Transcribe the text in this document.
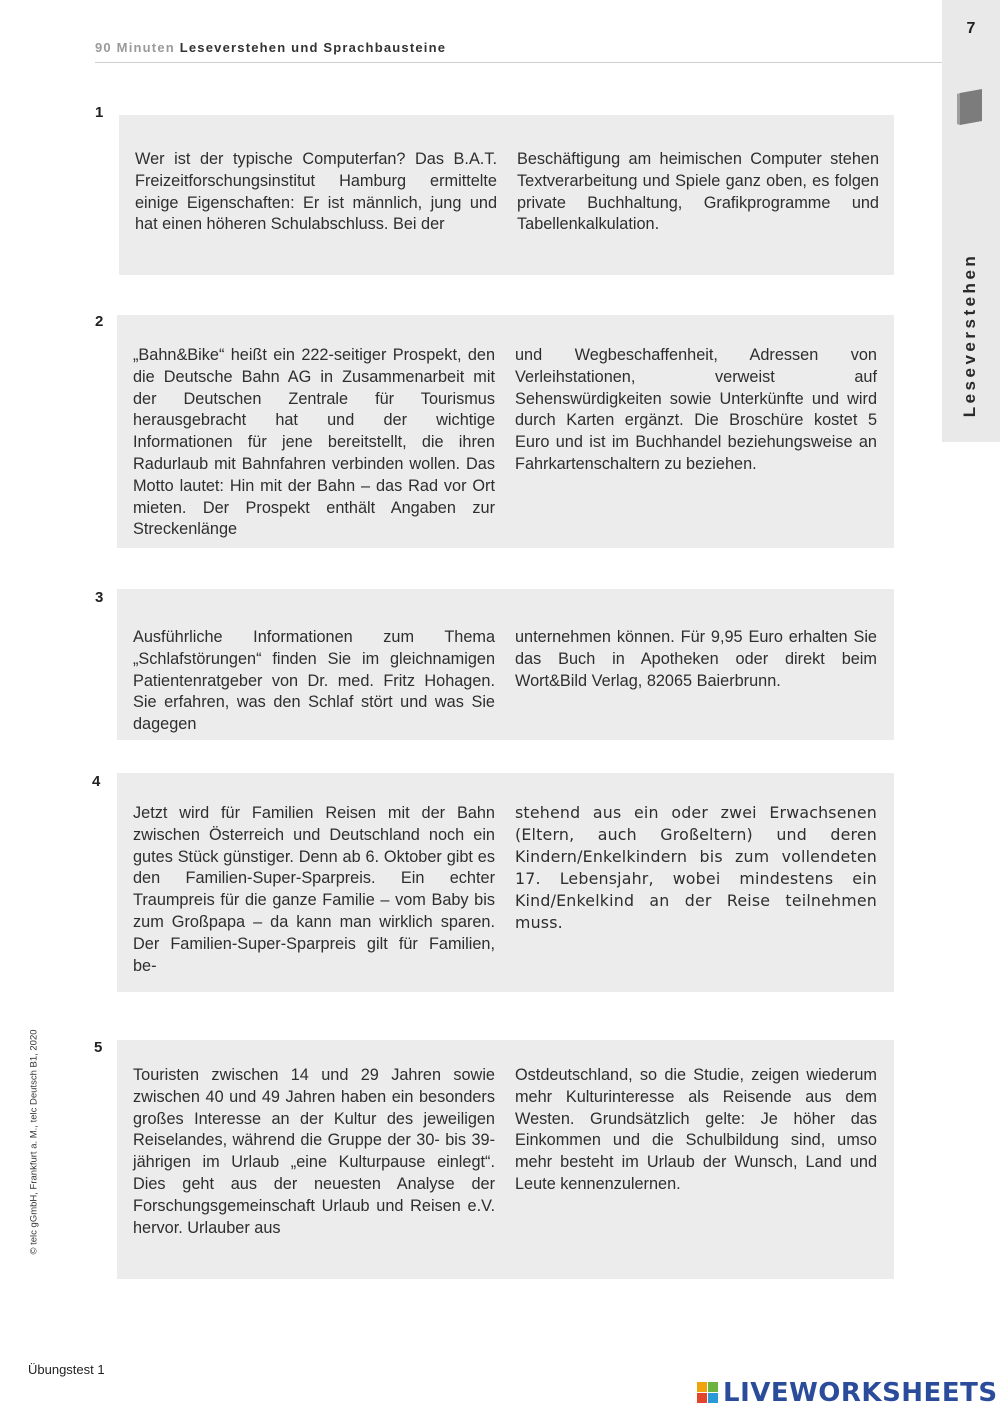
90 Minuten Leseverstehen und Sprachbausteine
7
Leseverstehen
© telc gGmbH, Frankfurt a. M., telc Deutsch B1, 2020
1
Wer ist der typische Computerfan? Das B.A.T. Freizeitforschungsinstitut Hamburg ermittelte einige Eigenschaften: Er ist männlich, jung und hat einen höheren Schulabschluss. Bei der
Beschäftigung am heimischen Computer stehen Textverarbeitung und Spiele ganz oben, es folgen private Buchhaltung, Grafikprogramme und Tabellenkalkulation.
2
„Bahn&Bike“ heißt ein 222-seitiger Prospekt, den die Deutsche Bahn AG in Zusammenarbeit mit der Deutschen Zentrale für Tourismus herausgebracht hat und der wichtige Informationen für jene bereitstellt, die ihren Radurlaub mit Bahnfahren verbinden wollen. Das Motto lautet: Hin mit der Bahn – das Rad vor Ort mieten. Der Prospekt enthält Angaben zur Streckenlänge
und Wegbeschaffenheit, Adressen von Verleihstationen, verweist auf Sehenswürdigkeiten sowie Unterkünfte und wird durch Karten ergänzt. Die Broschüre kostet 5 Euro und ist im Buchhandel beziehungsweise an Fahrkartenschaltern zu beziehen.
3
Ausführliche Informationen zum Thema „Schlafstörungen“ finden Sie im gleichnamigen Patientenratgeber von Dr. med. Fritz Hohagen. Sie erfahren, was den Schlaf stört und was Sie dagegen
unternehmen können. Für 9,95 Euro erhalten Sie das Buch in Apotheken oder direkt beim Wort&Bild Verlag, 82065 Baierbrunn.
4
Jetzt wird für Familien Reisen mit der Bahn zwischen Österreich und Deutschland noch ein gutes Stück günstiger. Denn ab 6. Oktober gibt es den Familien-Super-Sparpreis. Ein echter Traumpreis für die ganze Familie – vom Baby bis zum Großpapa – da kann man wirklich sparen. Der Familien-Super-Sparpreis gilt für Familien, be-
stehend aus ein oder zwei Erwachsenen (Eltern, auch Großeltern) und deren Kindern/Enkelkindern bis zum vollendeten 17. Lebensjahr, wobei mindestens ein Kind/Enkelkind an der Reise teilnehmen muss.
5
Touristen zwischen 14 und 29 Jahren sowie zwischen 40 und 49 Jahren haben ein besonders großes Interesse an der Kultur des jeweiligen Reiselandes, während die Gruppe der 30- bis 39-jährigen im Urlaub „eine Kulturpause einlegt“. Dies geht aus der neuesten Analyse der Forschungsgemeinschaft Urlaub und Reisen e.V. hervor. Urlauber aus
Ostdeutschland, so die Studie, zeigen wiederum mehr Kulturinteresse als Reisende aus dem Westen. Grundsätzlich gelte: Je höher das Einkommen und die Schulbildung sind, umso mehr besteht im Urlaub der Wunsch, Land und Leute kennenzulernen.
Übungstest 1
LIVEWORKSHEETS
